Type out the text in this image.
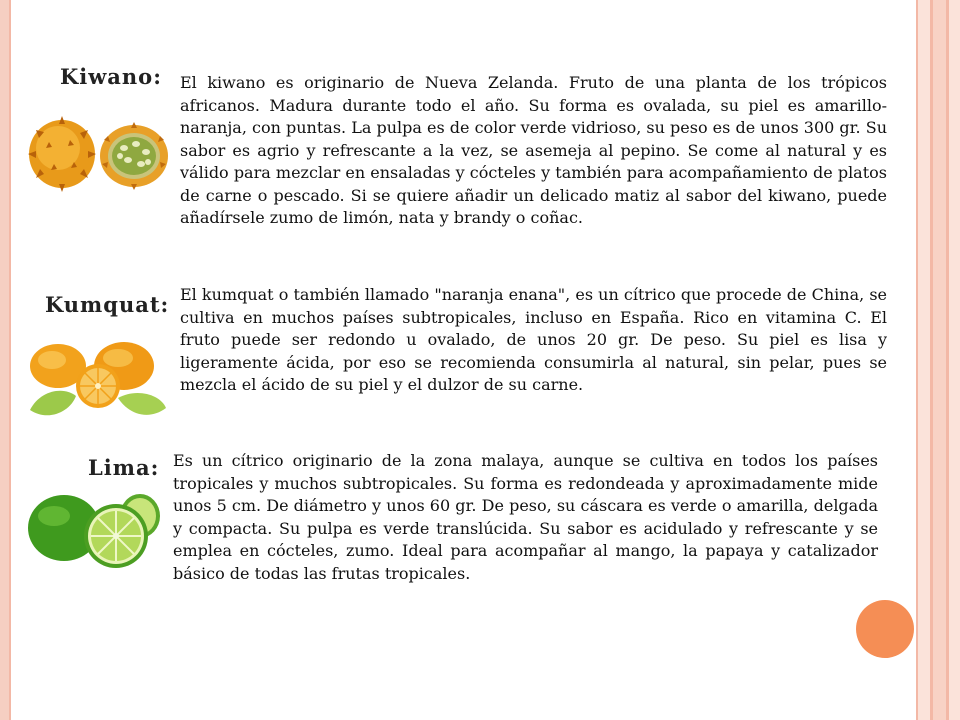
Kiwano: El kiwano es originario de Nueva Zelanda. Fruto de una planta de los trópicos africanos. Madura durante todo el año. Su forma es ovalada, su piel es amarillo-naranja, con puntas. La pulpa es de color verde vidrioso, su peso es de unos 300 gr. Su sabor es agrio y refrescante a la vez, se asemeja al pepino. Se come al natural y es válido para mezclar en ensaladas y cócteles y también para acompañamiento de platos de carne o pescado. Si se quiere añadir un delicado matiz al sabor del kiwano, puede añadírsele zumo de limón, nata y brandy o coñac.

Kumquat: El kumquat o también llamado "naranja enana", es un cítrico que procede de China, se cultiva en muchos países subtropicales, incluso en España. Rico en vitamina C. El fruto puede ser redondo u ovalado, de unos 20 gr. De peso. Su piel es lisa y ligeramente ácida, por eso se recomienda consumirla al natural, sin pelar, pues se mezcla el ácido de su piel y el dulzor de su carne.

Lima: Es un cítrico originario de la zona malaya, aunque se cultiva en todos los países tropicales y muchos subtropicales. Su forma es redondeada y aproximadamente mide unos 5 cm. De diámetro y unos 60 gr. De peso, su cáscara es verde o amarilla, delgada y compacta. Su pulpa es verde translúcida. Su sabor es acidulado y refrescante y se emplea en cócteles, zumo. Ideal para acompañar al mango, la papaya y catalizador básico de todas las frutas tropicales.
